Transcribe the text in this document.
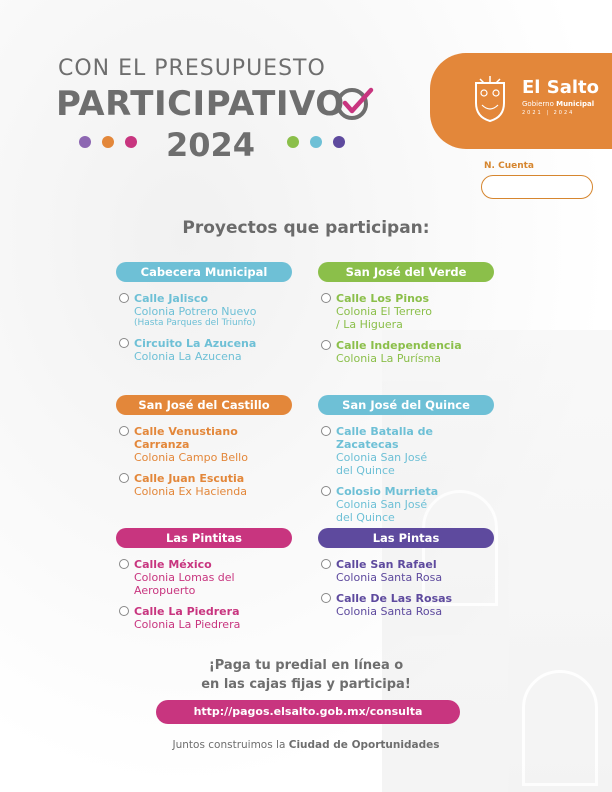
CON EL PRESUPUESTO
PARTICIPATIVO
2024
El Salto
Gobierno Municipal
2021 | 2024
N. Cuenta
Proyectos que participan:
Cabecera Municipal
Calle Jalisco
Colonia Potrero Nuevo
(Hasta Parques del Triunfo)
Circuito La Azucena
Colonia La Azucena
San José del Verde
Calle Los Pinos
Colonia El Terrero
/ La Higuera
Calle Independencia
Colonia La Purísma
San José del Castillo
Calle Venustiano
Carranza
Colonia Campo Bello
Calle Juan Escutia
Colonia Ex Hacienda
San José del Quince
Calle Batalla de
Zacatecas
Colonia San José
del Quince
Colosio Murrieta
Colonia San José
del Quince
Las Pintitas
Calle México
Colonia Lomas del
Aeropuerto
Calle La Piedrera
Colonia La Piedrera
Las Pintas
Calle San Rafael
Colonia Santa Rosa
Calle De Las Rosas
Colonia Santa Rosa
¡Paga tu predial en línea o
en las cajas fijas y participa!
http://pagos.elsalto.gob.mx/consulta
Juntos construimos la Ciudad de Oportunidades
